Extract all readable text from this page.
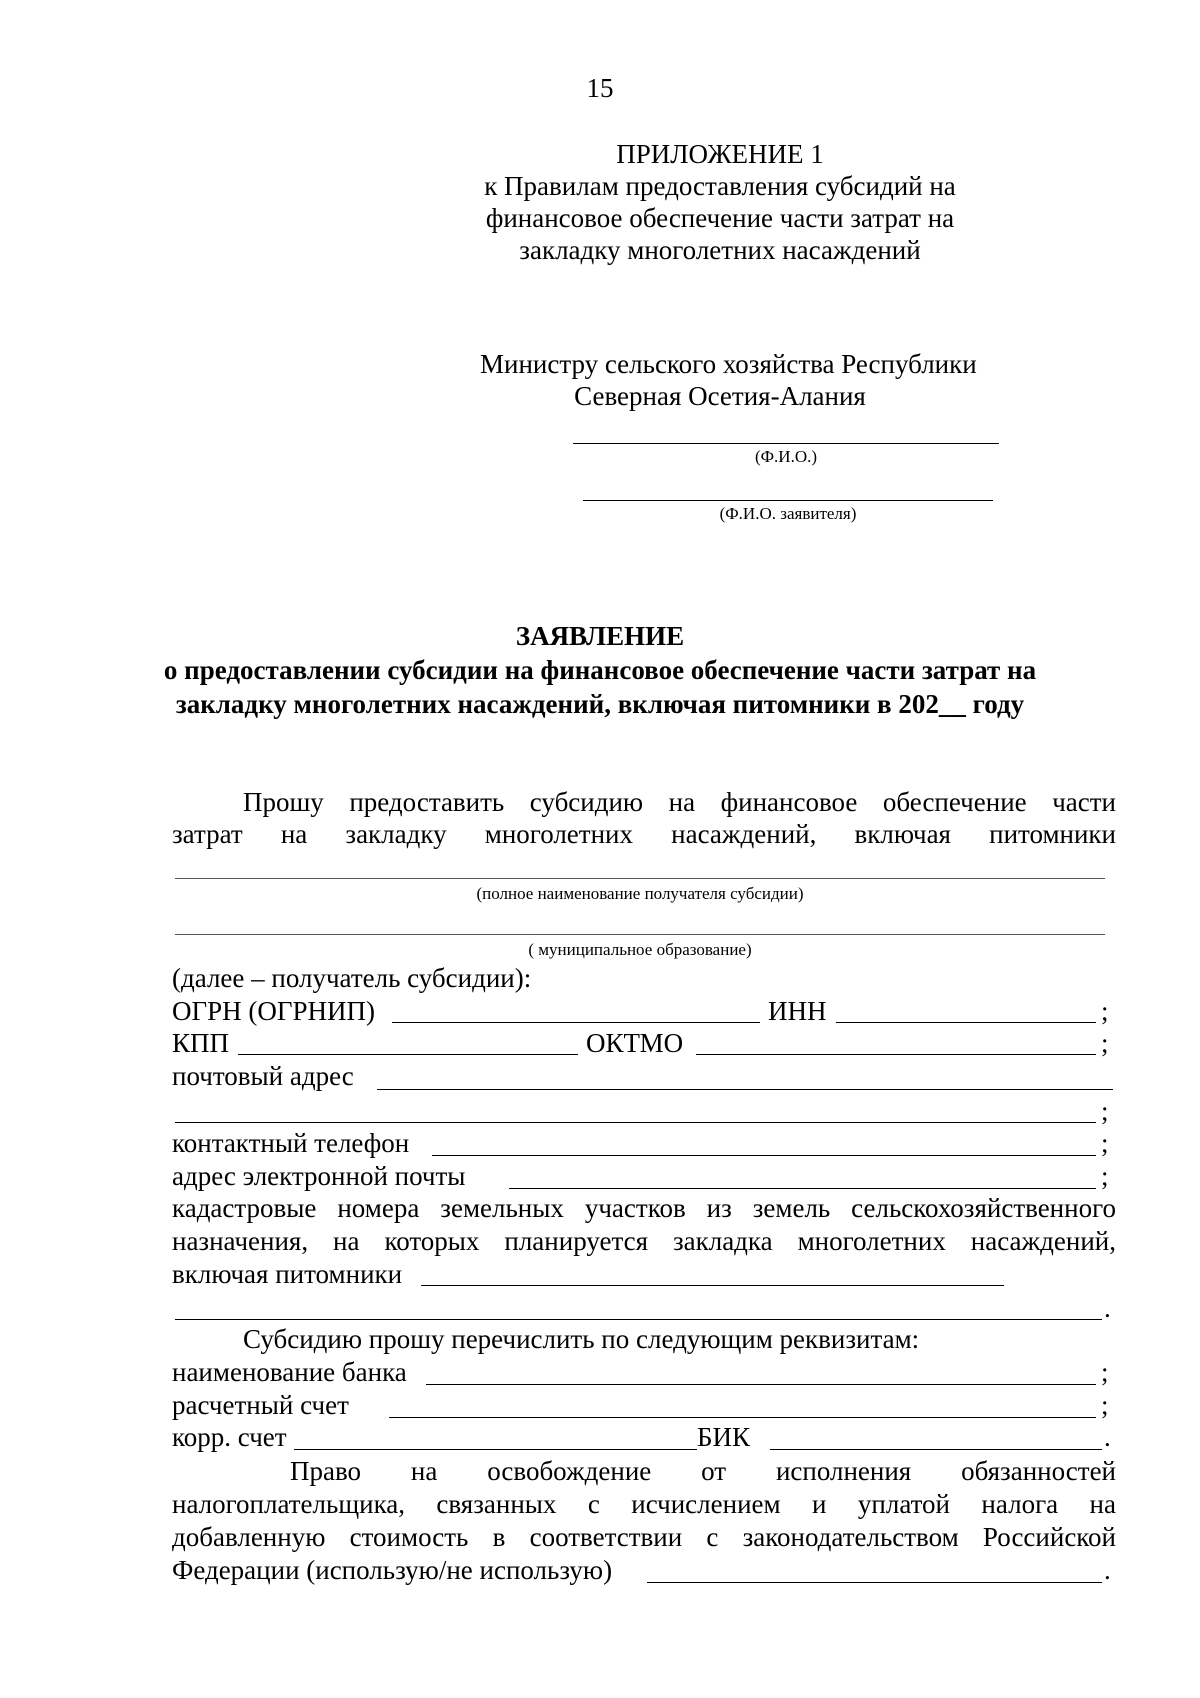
15
ПРИЛОЖЕНИЕ 1
к Правилам предоставления субсидий на
финансовое обеспечение части затрат на
закладку многолетних насаждений
Министру сельского хозяйства Республики
Северная Осетия-Алания
(Ф.И.О.)
(Ф.И.О. заявителя)
ЗАЯВЛЕНИЕ
о предоставлении субсидии на финансовое обеспечение части затрат на
закладку многолетних насаждений, включая питомники в 202__ году
Прошу предоставить субсидию на финансовое обеспечение части
затрат на закладку многолетних насаждений, включая питомники
(полное наименование получателя субсидии)
( муниципальное образование)
(далее – получатель субсидии):
ОГРН (ОГРНИП)	ИНН	;
КПП	ОКТМО	;
почтовый адрес
;
контактный телефон	;
адрес электронной почты	;
кадастровые номера земельных участков из земель сельскохозяйственного
назначения, на которых планируется закладка многолетних насаждений,
включая питомники
.
Субсидию прошу перечислить по следующим реквизитам:
наименование банка	;
расчетный счет	;
корр. счет	БИК	.
Право на освобождение от исполнения обязанностей
налогоплательщика, связанных с исчислением и уплатой налога на
добавленную стоимость в соответствии с законодательством Российской
Федерации (использую/не использую)	.
